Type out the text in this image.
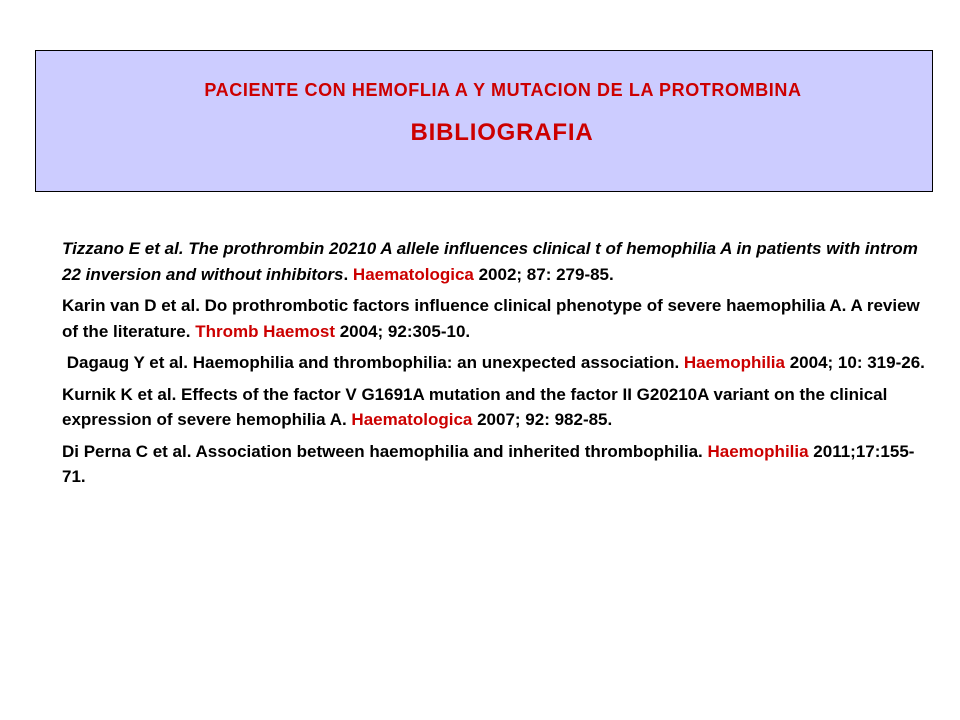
PACIENTE CON HEMOFLIA A Y MUTACION DE LA PROTROMBINA
BIBLIOGRAFIA

Tizzano E et al. The prothrombin 20210 A allele influences clinical t of hemophilia A in patients with introm 22 inversion and without inhibitors. Haematologica 2002; 87: 279-85.

Karin van D et al. Do prothrombotic factors influence clinical phenotype of severe haemophilia A. A review of the literature. Thromb Haemost 2004; 92:305-10.

Dagaug Y et al. Haemophilia and thrombophilia: an unexpected association. Haemophilia 2004; 10: 319-26.

Kurnik K et al. Effects of the factor V G1691A mutation and the factor II G20210A variant on the clinical expression of severe hemophilia A. Haematologica 2007; 92: 982-85.

Di Perna C et al. Association between haemophilia and inherited thrombophilia. Haemophilia 2011;17:155-71.
